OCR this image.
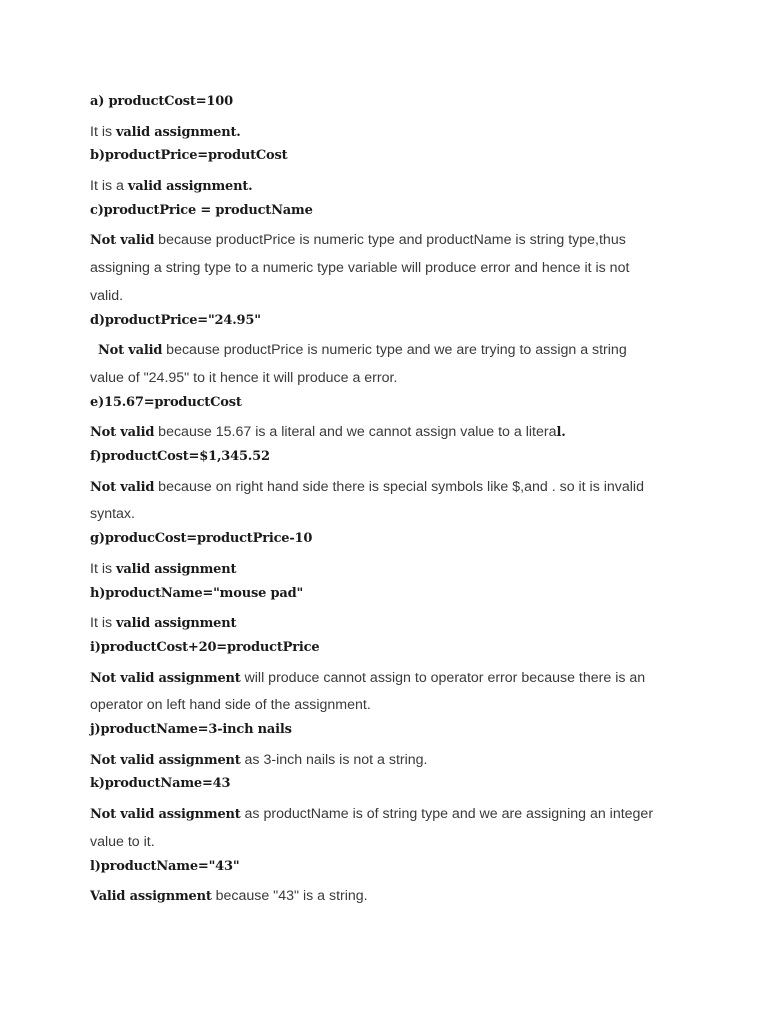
a) productCost=100

It is valid assignment.

b)productPrice=produtCost

It is a valid assignment.

c)productPrice = productName

Not valid because productPrice is numeric type and productName is string type,thus

assigning a string type to a numeric type variable will produce error and hence it is not

valid.

d)productPrice="24.95"

Not valid because productPrice is numeric type and we are trying to assign a string

value of "24.95" to it hence it will produce a error.

e)15.67=productCost

Not valid because 15.67 is a literal and we cannot assign value to a literal.

f)productCost=$1,345.52

Not valid because on right hand side there is special symbols like $,and . so it is invalid

syntax.

g)producCost=productPrice-10

It is valid assignment

h)productName="mouse pad"

It is valid assignment

i)productCost+20=productPrice

Not valid assignment will produce cannot assign to operator error because there is an

operator on left hand side of the assignment.

j)productName=3-inch nails

Not valid assignment as 3-inch nails is not a string.

k)productName=43

Not valid assignment as productName is of string type and we are assigning an integer

value to it.

l)productName="43"

Valid assignment because "43" is a string.
